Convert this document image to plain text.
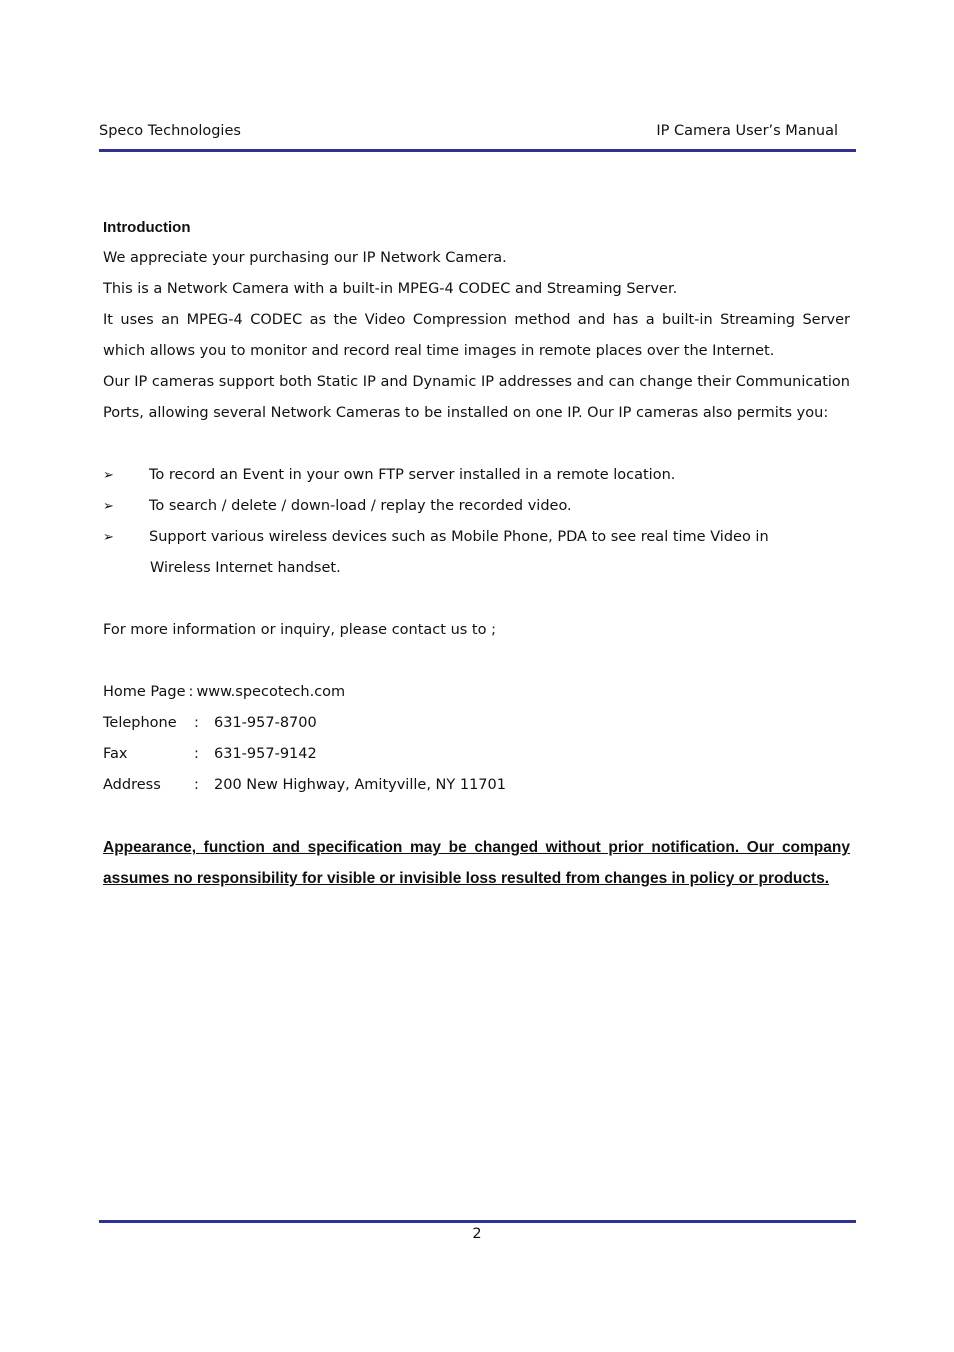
Speco Technologies	IP Camera User’s Manual

Introduction

We appreciate your purchasing our IP Network Camera.

This is a Network Camera with a built-in MPEG-4 CODEC and Streaming Server.

It uses an MPEG-4 CODEC as the Video Compression method and has a built-in Streaming Server which allows you to monitor and record real time images in remote places over the Internet.

Our IP cameras support both Static IP and Dynamic IP addresses and can change their Communication Ports, allowing several Network Cameras to be installed on one IP. Our IP cameras also permits you:

➢ To record an Event in your own FTP server installed in a remote location.
➢ To search / delete / down-load / replay the recorded video.
➢ Support various wireless devices such as Mobile Phone, PDA to see real time Video in
Wireless Internet handset.

For more information or inquiry, please contact us to ;

Home Page : www.specotech.com
Telephone	:	631-957-8700
Fax	:	631-957-9142
Address	:	200 New Highway, Amityville, NY 11701

Appearance, function and specification may be changed without prior notification. Our company assumes no responsibility for visible or invisible loss resulted from changes in policy or products.

2
